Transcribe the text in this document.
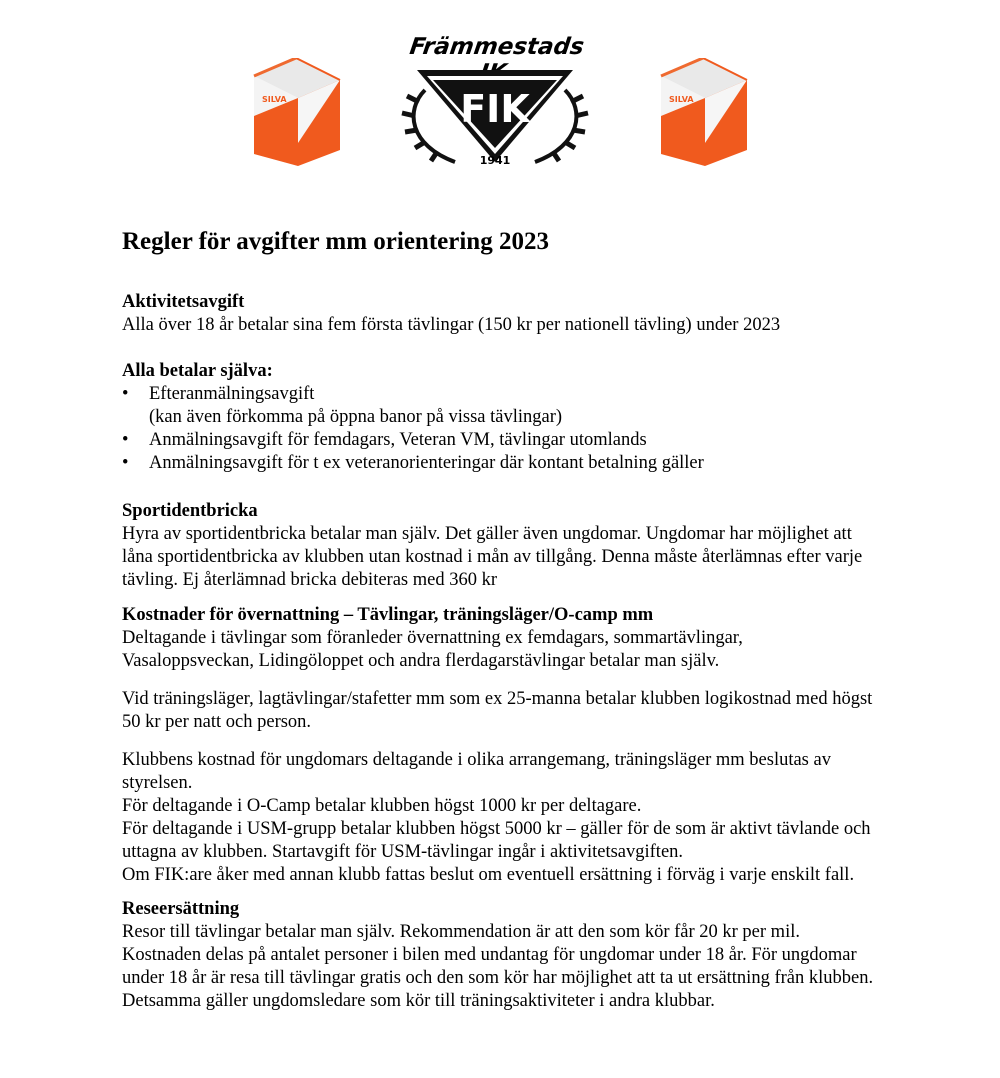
SILVA
Främmestads
FIK
1941
SILVA
Regler för avgifter mm orientering 2023
Aktivitetsavgift
Alla över 18 år betalar sina fem första tävlingar (150 kr per nationell tävling) under 2023
Alla betalar själva:
• Efteranmälningsavgift
(kan även förkomma på öppna banor på vissa tävlingar)
• Anmälningsavgift för femdagars, Veteran VM, tävlingar utomlands
• Anmälningsavgift för t ex veteranorienteringar där kontant betalning gäller
Sportidentbricka
Hyra av sportidentbricka betalar man själv. Det gäller även ungdomar. Ungdomar har möjlighet att
låna sportidentbricka av klubben utan kostnad i mån av tillgång. Denna måste återlämnas efter varje
tävling. Ej återlämnad bricka debiteras med 360 kr
Kostnader för övernattning – Tävlingar, träningsläger/O-camp mm
Deltagande i tävlingar som föranleder övernattning ex femdagars, sommartävlingar,
Vasaloppsveckan, Lidingöloppet och andra flerdagarstävlingar betalar man själv.
Vid träningsläger, lagtävlingar/stafetter mm som ex 25-manna betalar klubben logikostnad med högst
50 kr per natt och person.
Klubbens kostnad för ungdomars deltagande i olika arrangemang, träningsläger mm beslutas av
styrelsen.
För deltagande i O-Camp betalar klubben högst 1000 kr per deltagare.
För deltagande i USM-grupp betalar klubben högst 5000 kr – gäller för de som är aktivt tävlande och
uttagna av klubben. Startavgift för USM-tävlingar ingår i aktivitetsavgiften.
Om FIK:are åker med annan klubb fattas beslut om eventuell ersättning i förväg i varje enskilt fall.
Reseersättning
Resor till tävlingar betalar man själv. Rekommendation är att den som kör får 20 kr per mil.
Kostnaden delas på antalet personer i bilen med undantag för ungdomar under 18 år. För ungdomar
under 18 år är resa till tävlingar gratis och den som kör har möjlighet att ta ut ersättning från klubben.
Detsamma gäller ungdomsledare som kör till träningsaktiviteter i andra klubbar.
